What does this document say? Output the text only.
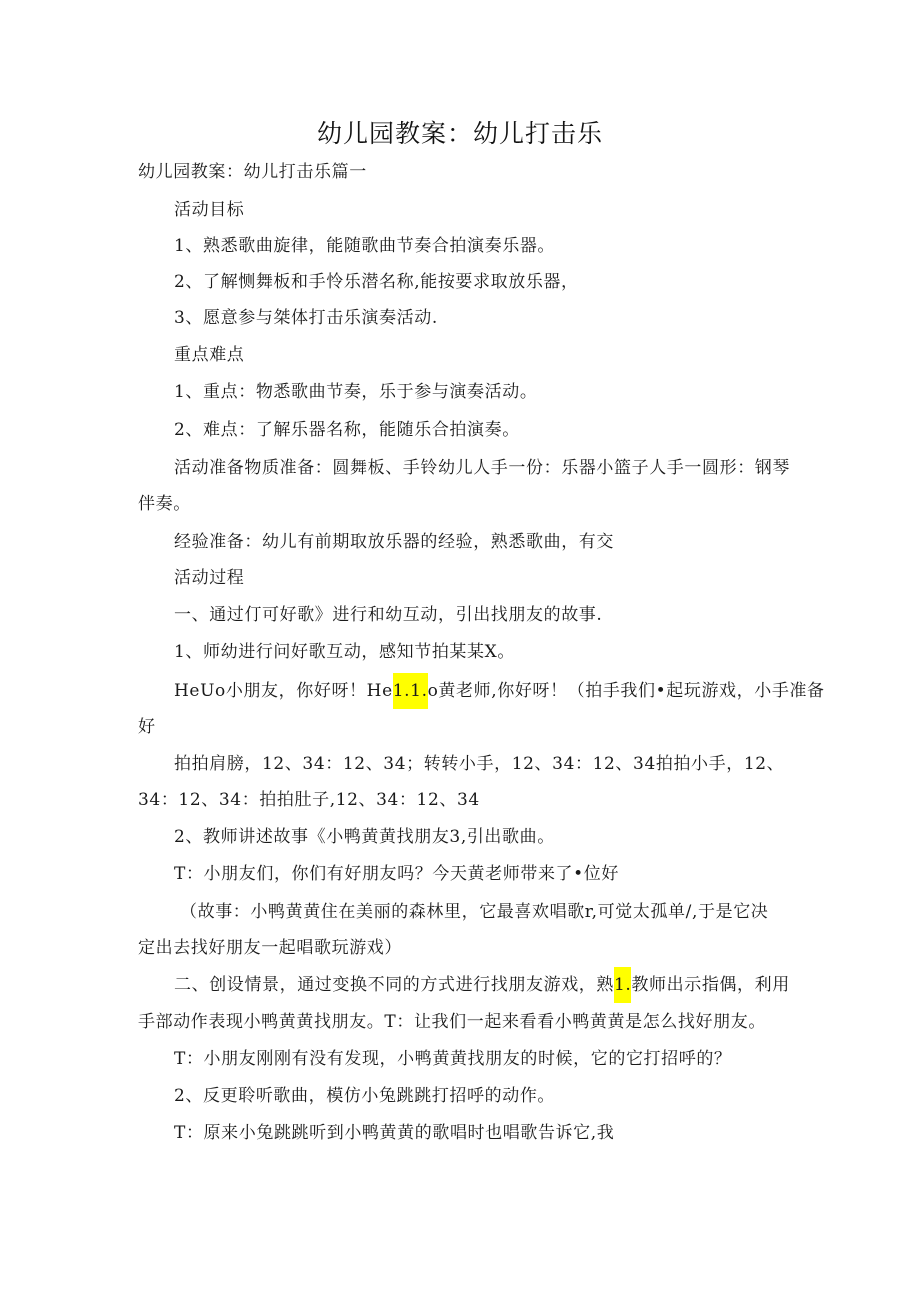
幼儿园教案：幼儿打击乐
幼儿园教案：幼儿打击乐篇一
活动目标
1、熟悉歌曲旋律，能随歌曲节奏合拍演奏乐器。
2、了解恻舞板和手怜乐潜名称,能按要求取放乐器，
3、愿意参与桀体打击乐演奏活动.
重点难点
1、重点：物悉歌曲节奏，乐于参与演奏活动。
2、难点：了解乐器名称，能随乐合拍演奏。
活动准备物质准备：圆舞板、手铃幼儿人手一份：乐器小篮子人手一圆形：钢琴
伴奏。
经验准备：幼儿有前期取放乐器的经验，熟悉歌曲，有交
活动过程
一、通过仃可好歌》进行和幼互动，引出找朋友的故事.
1、师幼进行问好歌互动，感知节拍某某X。
HeUo小朋友，你好呀！He1.1.o黄老师,你好呀！（拍手我们•起玩游戏，小手准备
好
拍拍肩膀，12、34：12、34；转转小手，12、34：12、34拍拍小手，12、
34：12、34：拍拍肚子,12、34：12、34
2、教师讲述故事《小鸭黄黄找朋友3,引出歌曲。
T：小朋友们，你们有好朋友吗？今天黄老师带来了•位好
（故事：小鸭黄黄住在美丽的森林里，它最喜欢唱歌r,可觉太孤单/,于是它决
定出去找好朋友一起唱歌玩游戏）
二、创设情景，通过变换不同的方式进行找朋友游戏，熟1.教师出示指偶，利用
手部动作表现小鸭黄黄找朋友。T：让我们一起来看看小鸭黄黄是怎么找好朋友。
T：小朋友刚刚有没有发现，小鸭黄黄找朋友的时候，它的它打招呼的？
2、反更聆听歌曲，模仿小兔跳跳打招呼的动作。
T：原来小兔跳跳听到小鸭黄黄的歌唱时也唱歌告诉它,我
